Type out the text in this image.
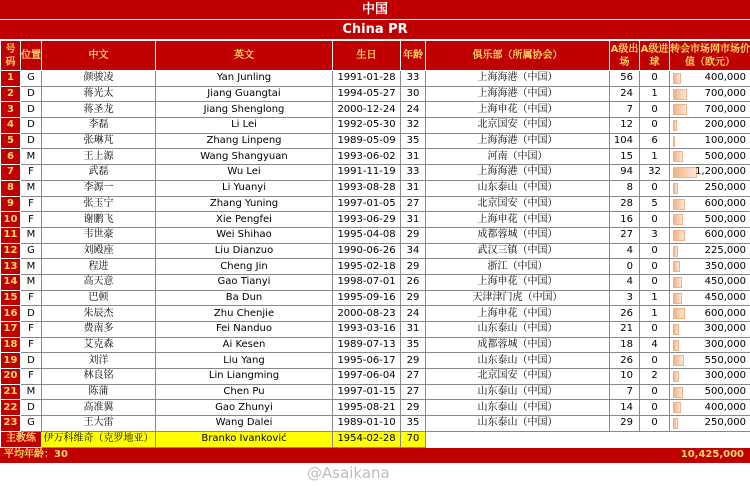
中国
China PR
号码	位置	中文	英文	生日	年龄	俱乐部（所属协会）	A级出场	A级进球	转会市场网市场价值（欧元）
1	G	颜骏凌	Yan Junling	1991-01-28	33	上海海港（中国）	56	0	400,000
2	D	蒋光太	Jiang Guangtai	1994-05-27	30	上海海港（中国）	24	1	700,000
3	D	蒋圣龙	Jiang Shenglong	2000-12-24	24	上海申花（中国）	7	0	700,000
4	D	李磊	Li Lei	1992-05-30	32	北京国安（中国）	12	0	200,000
5	D	张琳芃	Zhang Linpeng	1989-05-09	35	上海海港（中国）	104	6	100,000
6	M	王上源	Wang Shangyuan	1993-06-02	31	河南（中国）	15	1	500,000
7	F	武磊	Wu Lei	1991-11-19	33	上海海港（中国）	94	32	1,200,000
8	M	李源一	Li Yuanyi	1993-08-28	31	山东泰山（中国）	8	0	250,000
9	F	张玉宁	Zhang Yuning	1997-01-05	27	北京国安（中国）	28	5	600,000
10	F	谢鹏飞	Xie Pengfei	1993-06-29	31	上海申花（中国）	16	0	500,000
11	M	韦世豪	Wei Shihao	1995-04-08	29	成都蓉城（中国）	27	3	600,000
12	G	刘殿座	Liu Dianzuo	1990-06-26	34	武汉三镇（中国）	4	0	225,000
13	M	程进	Cheng Jin	1995-02-18	29	浙江（中国）	0	0	350,000
14	M	高天意	Gao Tianyi	1998-07-01	26	上海申花（中国）	4	0	450,000
15	F	巴顿	Ba Dun	1995-09-16	29	天津津门虎（中国）	3	1	450,000
16	D	朱辰杰	Zhu Chenjie	2000-08-23	24	上海申花（中国）	26	1	600,000
17	F	费南多	Fei Nanduo	1993-03-16	31	山东泰山（中国）	21	0	300,000
18	F	艾克森	Ai Kesen	1989-07-13	35	成都蓉城（中国）	18	4	300,000
19	D	刘洋	Liu Yang	1995-06-17	29	山东泰山（中国）	26	0	550,000
20	F	林良铭	Lin Liangming	1997-06-04	27	北京国安（中国）	10	2	300,000
21	M	陈蒲	Chen Pu	1997-01-15	27	山东泰山（中国）	7	0	500,000
22	D	高准翼	Gao Zhunyi	1995-08-21	29	山东泰山（中国）	14	0	400,000
23	G	王大雷	Wang Dalei	1989-01-10	35	山东泰山（中国）	29	0	250,000
主教练		伊万科维奇（克罗地亚）	Branko Ivanković	1954-02-28	70				
平均年龄：30									10,425,000
@Asaikana
